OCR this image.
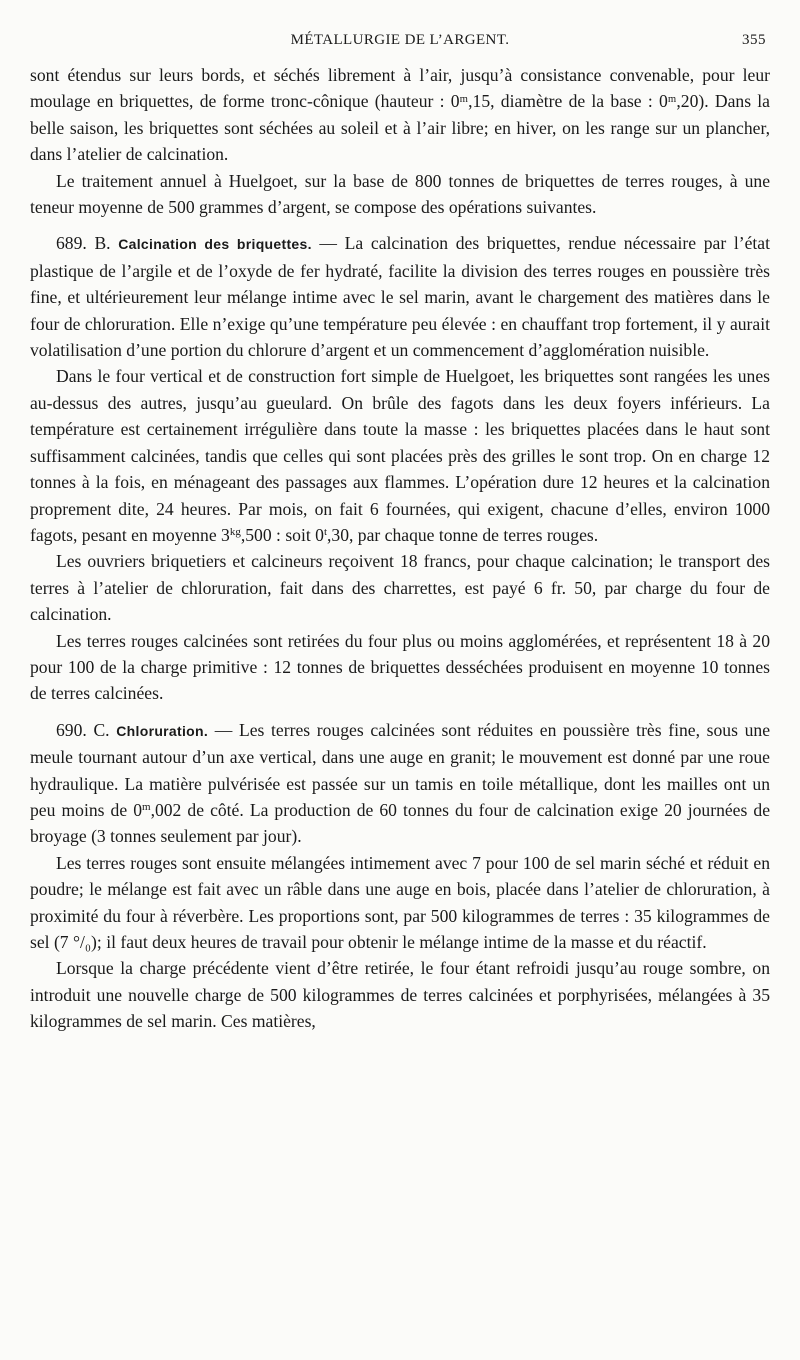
MÉTALLURGIE DE L’ARGENT.	355

sont étendus sur leurs bords, et séchés librement à l’air, jusqu’à consistance convenable, pour leur moulage en briquettes, de forme tronc-cônique (hauteur : 0ᵐ,15, diamètre de la base : 0ᵐ,20). Dans la belle saison, les briquettes sont séchées au soleil et à l’air libre; en hiver, on les range sur un plancher, dans l’atelier de calcination.

Le traitement annuel à Huelgoet, sur la base de 800 tonnes de briquettes de terres rouges, à une teneur moyenne de 500 grammes d’argent, se compose des opérations suivantes.

689. B. Calcination des briquettes. — La calcination des briquettes, rendue nécessaire par l’état plastique de l’argile et de l’oxyde de fer hydraté, facilite la division des terres rouges en poussière très fine, et ultérieurement leur mélange intime avec le sel marin, avant le chargement des matières dans le four de chloruration. Elle n’exige qu’une température peu élevée : en chauffant trop fortement, il y aurait volatilisation d’une portion du chlorure d’argent et un commencement d’agglomération nuisible.

Dans le four vertical et de construction fort simple de Huelgoet, les briquettes sont rangées les unes au-dessus des autres, jusqu’au gueulard. On brûle des fagots dans les deux foyers inférieurs. La température est certainement irrégulière dans toute la masse : les briquettes placées dans le haut sont suffisamment calcinées, tandis que celles qui sont placées près des grilles le sont trop. On en charge 12 tonnes à la fois, en ménageant des passages aux flammes. L’opération dure 12 heures et la calcination proprement dite, 24 heures. Par mois, on fait 6 fournées, qui exigent, chacune d’elles, environ 1000 fagots, pesant en moyenne $3^{kg},500$ : soit 0$^t$,30, par chaque tonne de terres rouges.

Les ouvriers briquetiers et calcineurs reçoivent 18 francs, pour chaque calcination; le transport des terres à l’atelier de chloruration, fait dans des charrettes, est payé 6 fr. 50, par charge du four de calcination.

Les terres rouges calcinées sont retirées du four plus ou moins agglomérées, et représentent 18 à 20 pour 100 de la charge primitive : 12 tonnes de briquettes desséchées produisent en moyenne 10 tonnes de terres calcinées.

690. C. Chloruration. — Les terres rouges calcinées sont réduites en poussière très fine, sous une meule tournant autour d’un axe vertical, dans une auge en granit; le mouvement est donné par une roue hydraulique. La matière pulvérisée est passée sur un tamis en toile métallique, dont les mailles ont un peu moins de 0$^m$,002 de côté. La production de 60 tonnes du four de calcination exige 20 journées de broyage (3 tonnes seulement par jour).

Les terres rouges sont ensuite mélangées intimement avec 7 pour 100 de sel marin séché et réduit en poudre; le mélange est fait avec un râble dans une auge en bois, placée dans l’atelier de chloruration, à proximité du four à réverbère. Les proportions sont, par 500 kilogrammes de terres : 35 kilogrammes de sel (7 °/₀); il faut deux heures de travail pour obtenir le mélange intime de la masse et du réactif.

Lorsque la charge précédente vient d’être retirée, le four étant refroidi jusqu’au rouge sombre, on introduit une nouvelle charge de 500 kilogrammes de terres calcinées et porphyrisées, mélangées à 35 kilogrammes de sel marin. Ces matières,
